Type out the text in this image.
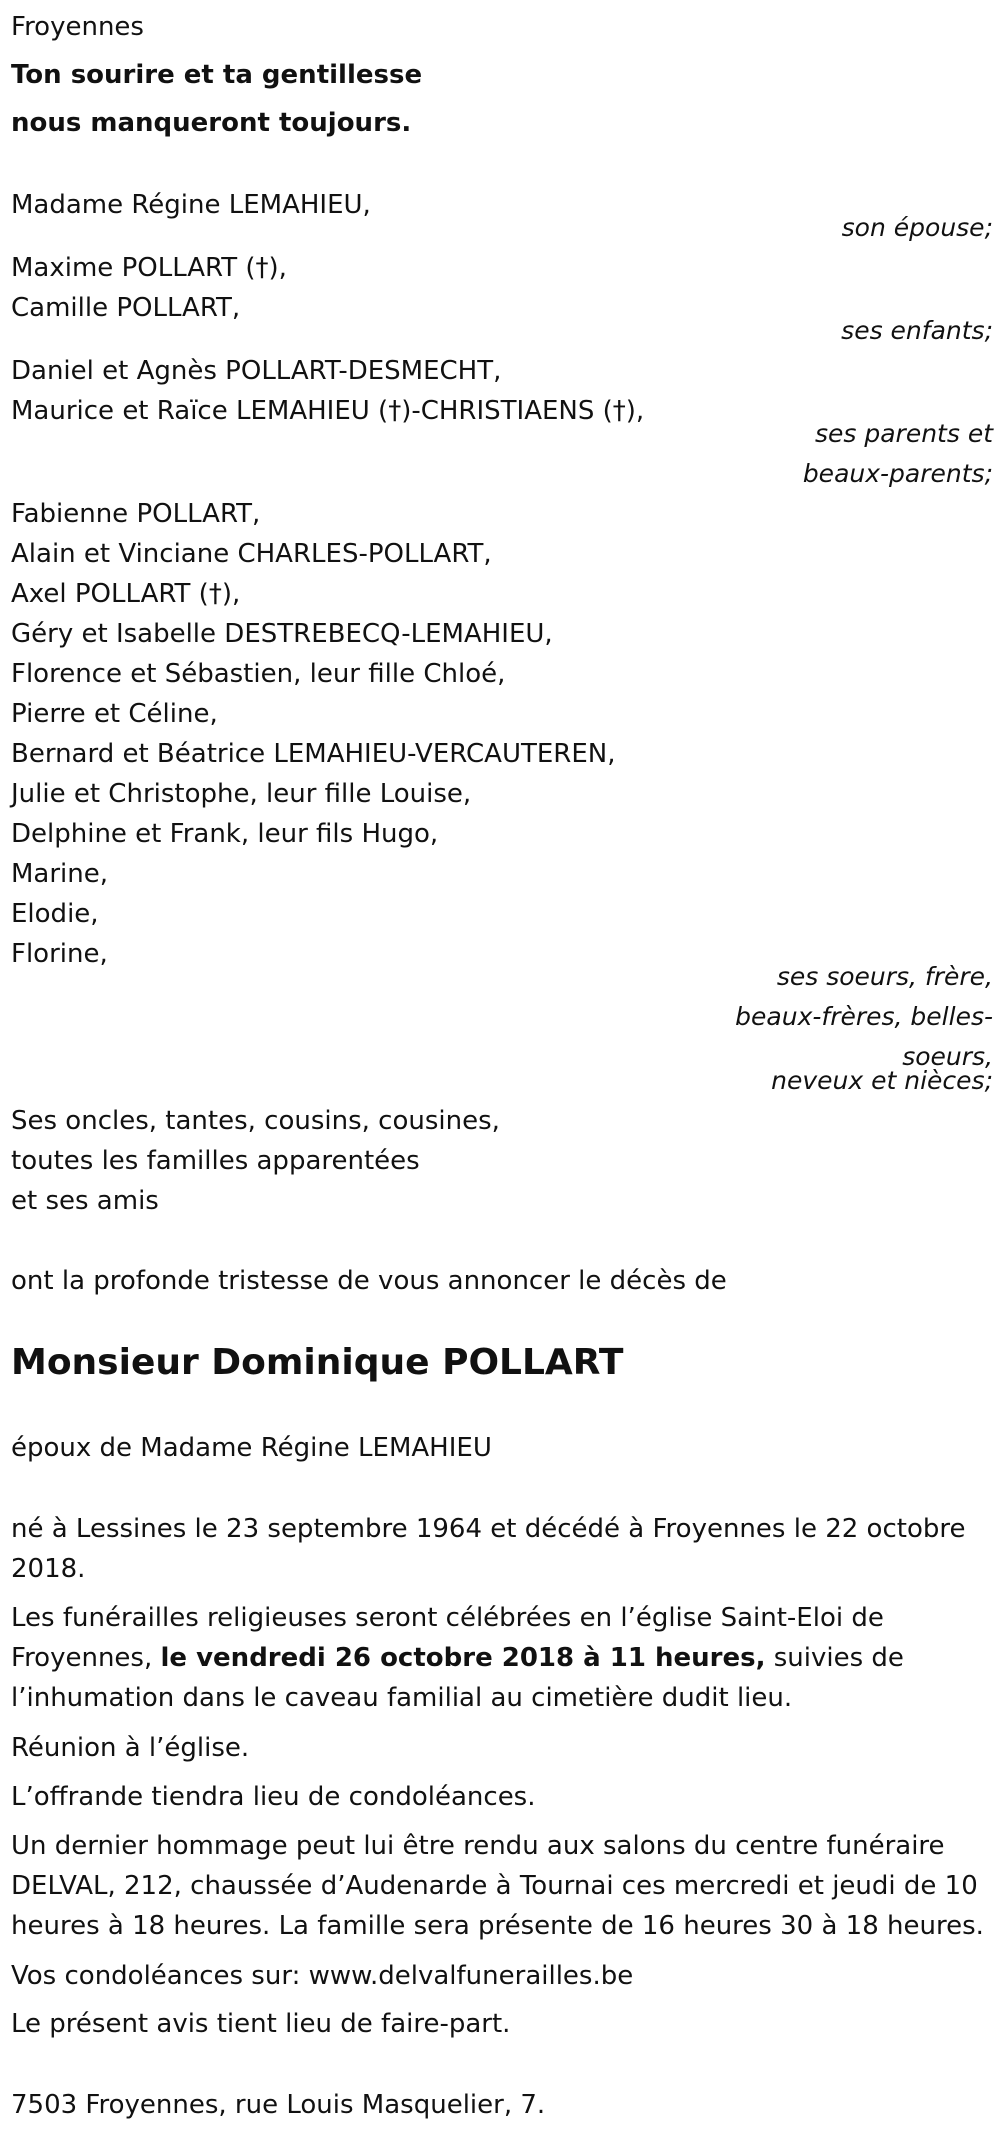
Froyennes

Ton sourire et ta gentillesse

nous manqueront toujours.

Madame Régine LEMAHIEU,

son épouse;

Maxime POLLART (†),

Camille POLLART,

ses enfants;

Daniel et Agnès POLLART-DESMECHT,

Maurice et Raïce LEMAHIEU (†)-CHRISTIAENS (†),

ses parents et

beaux-parents;

Fabienne POLLART,

Alain et Vinciane CHARLES-POLLART,

Axel POLLART (†),

Géry et Isabelle DESTREBECQ-LEMAHIEU,

Florence et Sébastien, leur fille Chloé,

Pierre et Céline,

Bernard et Béatrice LEMAHIEU-VERCAUTEREN,

Julie et Christophe, leur fille Louise,

Delphine et Frank, leur fils Hugo,

Marine,

Elodie,

Florine,

ses soeurs, frère,

beaux-frères, belles-

soeurs,

neveux et nièces;

Ses oncles, tantes, cousins, cousines,

toutes les familles apparentées

et ses amis

ont la profonde tristesse de vous annoncer le décès de

Monsieur Dominique POLLART

époux de Madame Régine LEMAHIEU

né à Lessines le 23 septembre 1964 et décédé à Froyennes le 22 octobre 2018.

Les funérailles religieuses seront célébrées en l’église Saint-Eloi de Froyennes, le vendredi 26 octobre 2018 à 11 heures, suivies de l’inhumation dans le caveau familial au cimetière dudit lieu.

Réunion à l’église.

L’offrande tiendra lieu de condoléances.

Un dernier hommage peut lui être rendu aux salons du centre funéraire DELVAL, 212, chaussée d’Audenarde à Tournai ces mercredi et jeudi de 10 heures à 18 heures. La famille sera présente de 16 heures 30 à 18 heures.

Vos condoléances sur: www.delvalfunerailles.be

Le présent avis tient lieu de faire-part.

7503 Froyennes, rue Louis Masquelier, 7.
